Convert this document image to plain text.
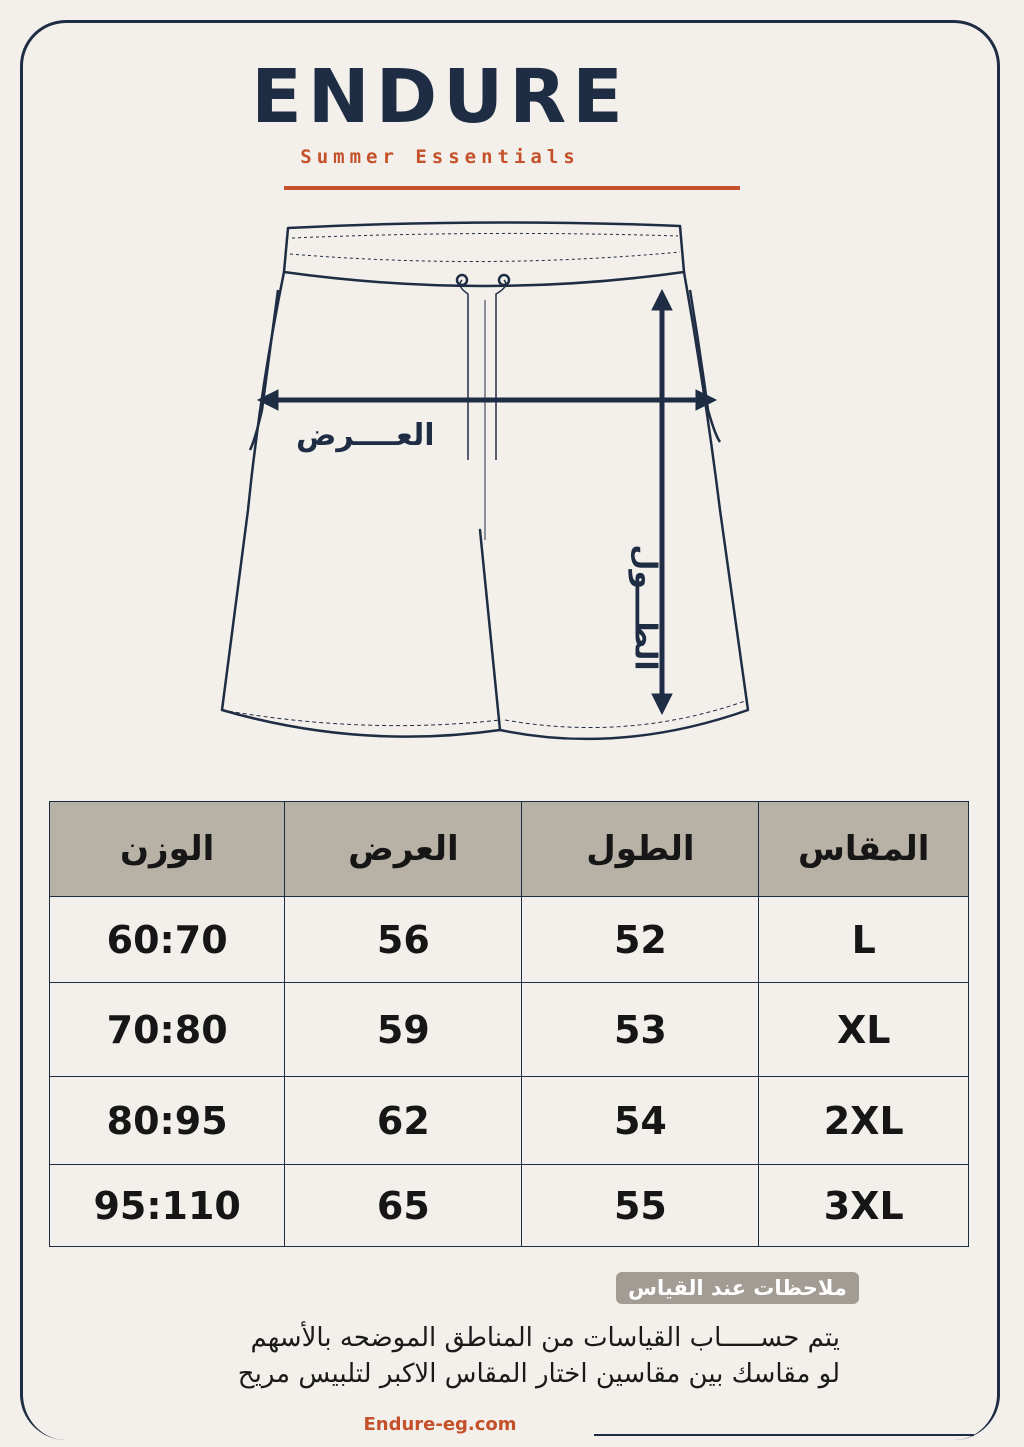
ENDURE
Summer Essentials
العــــرض
الطـــول
المقاس	الطول	العرض	الوزن
L	52	56	60:70
XL	53	59	70:80
2XL	54	62	80:95
3XL	55	65	95:110
ملاحظات عند القياس
يتم حســـــاب القياسات من المناطق الموضحه بالأسهم
لو مقاسك بين مقاسين اختار المقاس الاكبر لتلبيس مريح
Endure-eg.com
